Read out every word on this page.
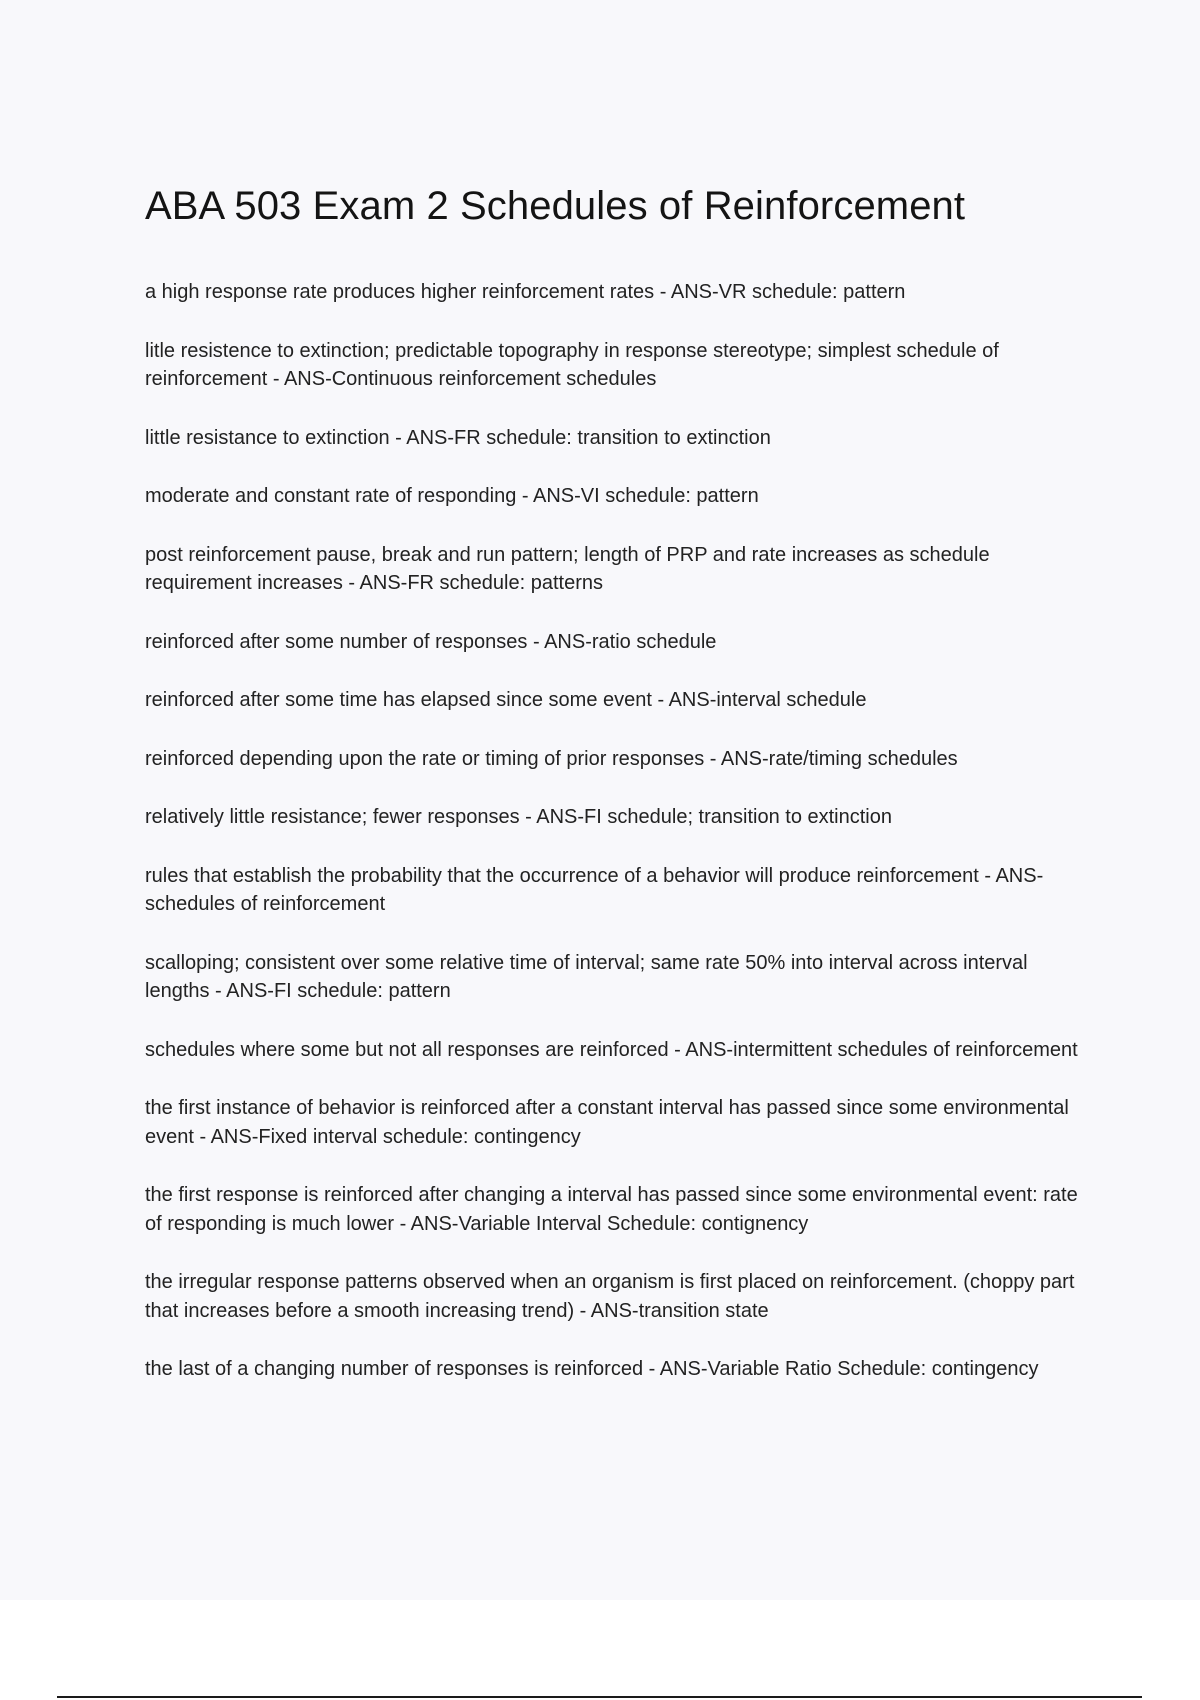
ABA 503 Exam 2 Schedules of Reinforcement
a high response rate produces higher reinforcement rates - ANS-VR schedule: pattern
litle resistence to extinction; predictable topography in response stereotype; simplest schedule of reinforcement - ANS-Continuous reinforcement schedules
little resistance to extinction - ANS-FR schedule: transition to extinction
moderate and constant rate of responding - ANS-VI schedule: pattern
post reinforcement pause, break and run pattern; length of PRP and rate increases as schedule requirement increases - ANS-FR schedule: patterns
reinforced after some number of responses - ANS-ratio schedule
reinforced after some time has elapsed since some event - ANS-interval schedule
reinforced depending upon the rate or timing of prior responses - ANS-rate/timing schedules
relatively little resistance; fewer responses - ANS-FI schedule; transition to extinction
rules that establish the probability that the occurrence of a behavior will produce reinforcement - ANS-schedules of reinforcement
scalloping; consistent over some relative time of interval; same rate 50% into interval across interval lengths - ANS-FI schedule: pattern
schedules where some but not all responses are reinforced - ANS-intermittent schedules of reinforcement
the first instance of behavior is reinforced after a constant interval has passed since some environmental event - ANS-Fixed interval schedule: contingency
the first response is reinforced after changing a interval has passed since some environmental event: rate of responding is much lower - ANS-Variable Interval Schedule: contignency
the irregular response patterns observed when an organism is first placed on reinforcement. (choppy part that increases before a smooth increasing trend) - ANS-transition state
the last of a changing number of responses is reinforced - ANS-Variable Ratio Schedule: contingency
